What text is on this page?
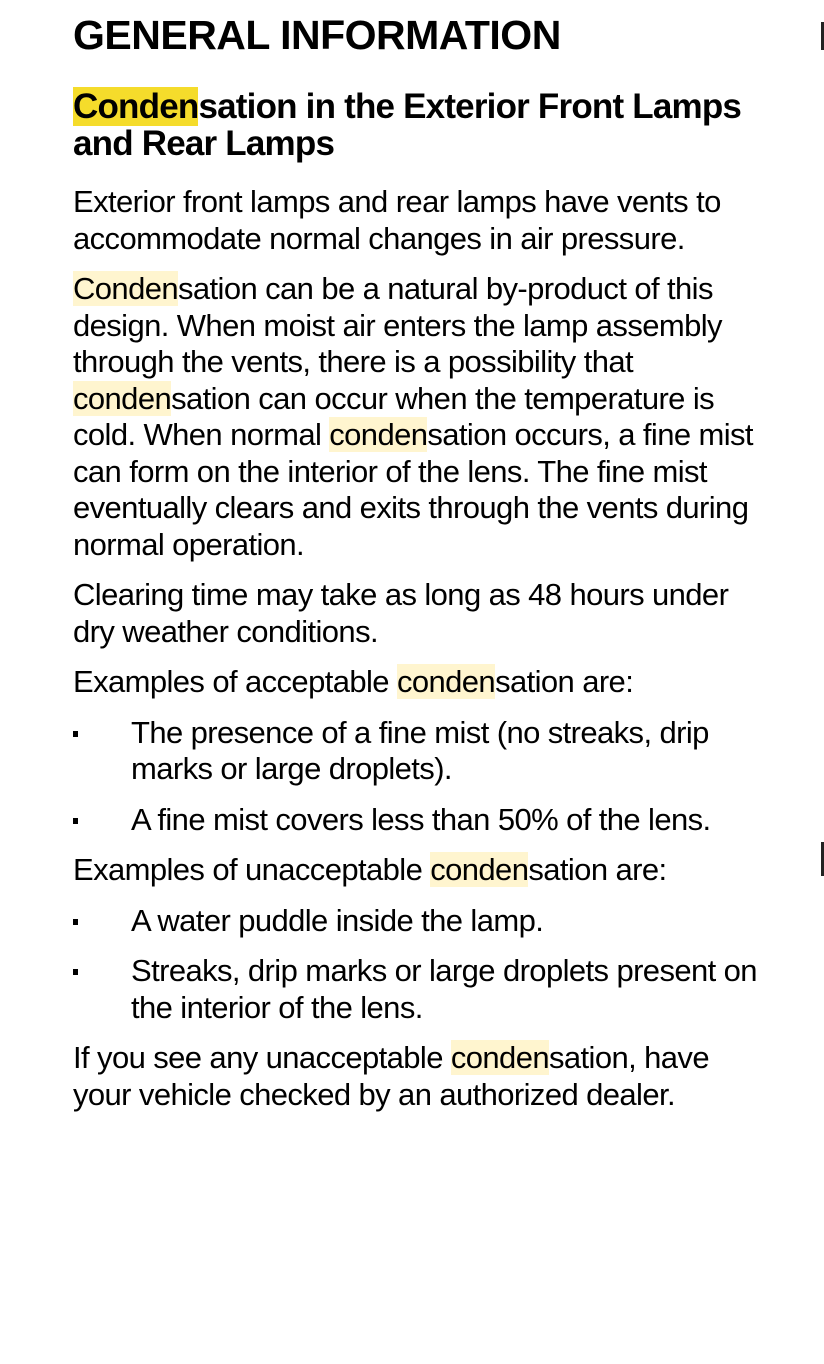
GENERAL INFORMATION
Condensation in the Exterior Front Lamps and Rear Lamps
Exterior front lamps and rear lamps have vents to accommodate normal changes in air pressure.
Condensation can be a natural by-product of this design. When moist air enters the lamp assembly through the vents, there is a possibility that condensation can occur when the temperature is cold. When normal condensation occurs, a fine mist can form on the interior of the lens. The fine mist eventually clears and exits through the vents during normal operation.
Clearing time may take as long as 48 hours under dry weather conditions.
Examples of acceptable condensation are:
The presence of a fine mist (no streaks, drip marks or large droplets).
A fine mist covers less than 50% of the lens.
Examples of unacceptable condensation are:
A water puddle inside the lamp.
Streaks, drip marks or large droplets present on the interior of the lens.
If you see any unacceptable condensation, have your vehicle checked by an authorized dealer.
